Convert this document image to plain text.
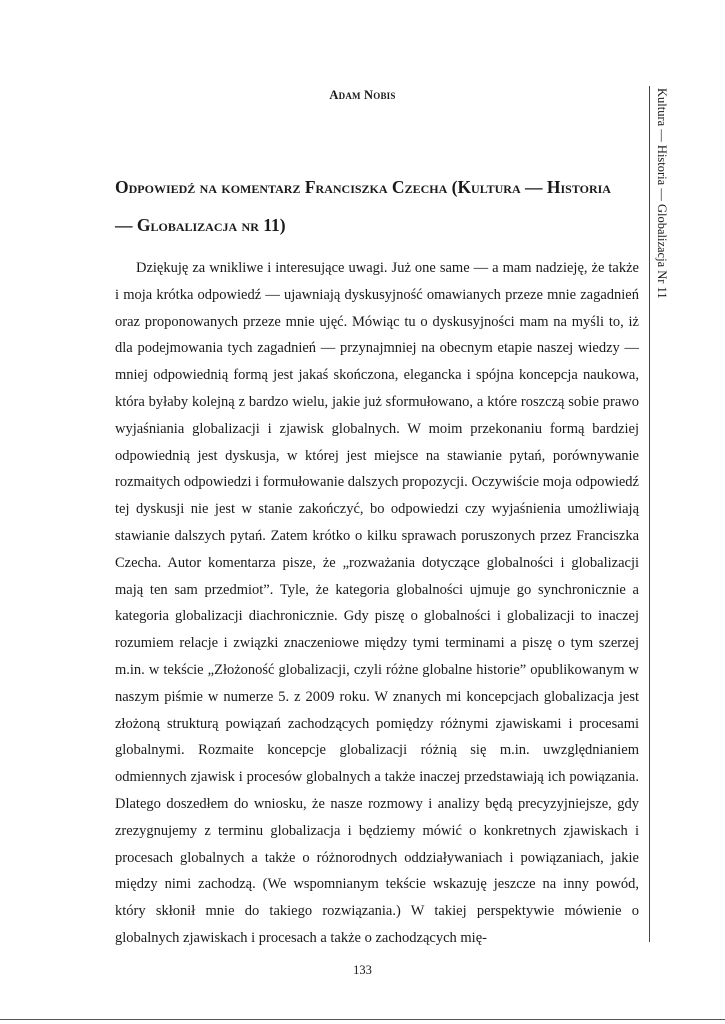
Adam Nobis
Odpowiedź na komentarz Franciszka Czecha (Kultura — Historia — Globalizacja nr 11)

Dziękuję za wnikliwe i interesujące uwagi. Już one same — a mam nadzieję, że także i moja krótka odpowiedź — ujawniają dyskusyjność omawianych przeze mnie zagadnień oraz proponowanych przeze mnie ujęć. Mówiąc tu o dyskusyjności mam na myśli to, iż dla podejmowania tych zagadnień — przynajmniej na obecnym etapie naszej wiedzy — mniej odpowiednią formą jest jakaś skończona, elegancka i spójna koncepcja naukowa, która byłaby kolejną z bardzo wielu, jakie już sformułowano, a które roszczą sobie prawo wyjaśniania globalizacji i zjawisk globalnych. W moim przekonaniu formą bardziej odpowiednią jest dyskusja, w której jest miejsce na stawianie pytań, porównywanie rozmaitych odpowiedzi i formułowanie dalszych propozycji. Oczywiście moja odpowiedź tej dyskusji nie jest w stanie zakończyć, bo odpowiedzi czy wyjaśnienia umożliwiają stawianie dalszych pytań. Zatem krótko o kilku sprawach poruszonych przez Franciszka Czecha. Autor komentarza pisze, że „rozważania dotyczące globalności i globalizacji mają ten sam przedmiot”. Tyle, że kategoria globalności ujmuje go synchronicznie a kategoria globalizacji diachronicznie. Gdy piszę o globalności i globalizacji to inaczej rozumiem relacje i związki znaczeniowe między tymi terminami a piszę o tym szerzej m.in. w tekście „Złożoność globalizacji, czyli różne globalne historie” opublikowanym w naszym piśmie w numerze 5. z 2009 roku. W znanych mi koncepcjach globalizacja jest złożoną strukturą powiązań zachodzących pomiędzy różnymi zjawiskami i procesami globalnymi. Rozmaite koncepcje globalizacji różnią się m.in. uwzględnianiem odmiennych zjawisk i procesów globalnych a także inaczej przedstawiają ich powiązania. Dlatego doszedłem do wniosku, że nasze rozmowy i analizy będą precyzyjniejsze, gdy zrezygnujemy z terminu globalizacja i będziemy mówić o konkretnych zjawiskach i procesach globalnych a także o różnorodnych oddziaływaniach i powiązaniach, jakie między nimi zachodzą. (We wspomnianym tekście wskazuję jeszcze na inny powód, który skłonił mnie do takiego rozwiązania.) W takiej perspektywie mówienie o globalnych zjawiskach i procesach a także o zachodzących mię-

Kultura — Historia — Globalizacja Nr 11
133
